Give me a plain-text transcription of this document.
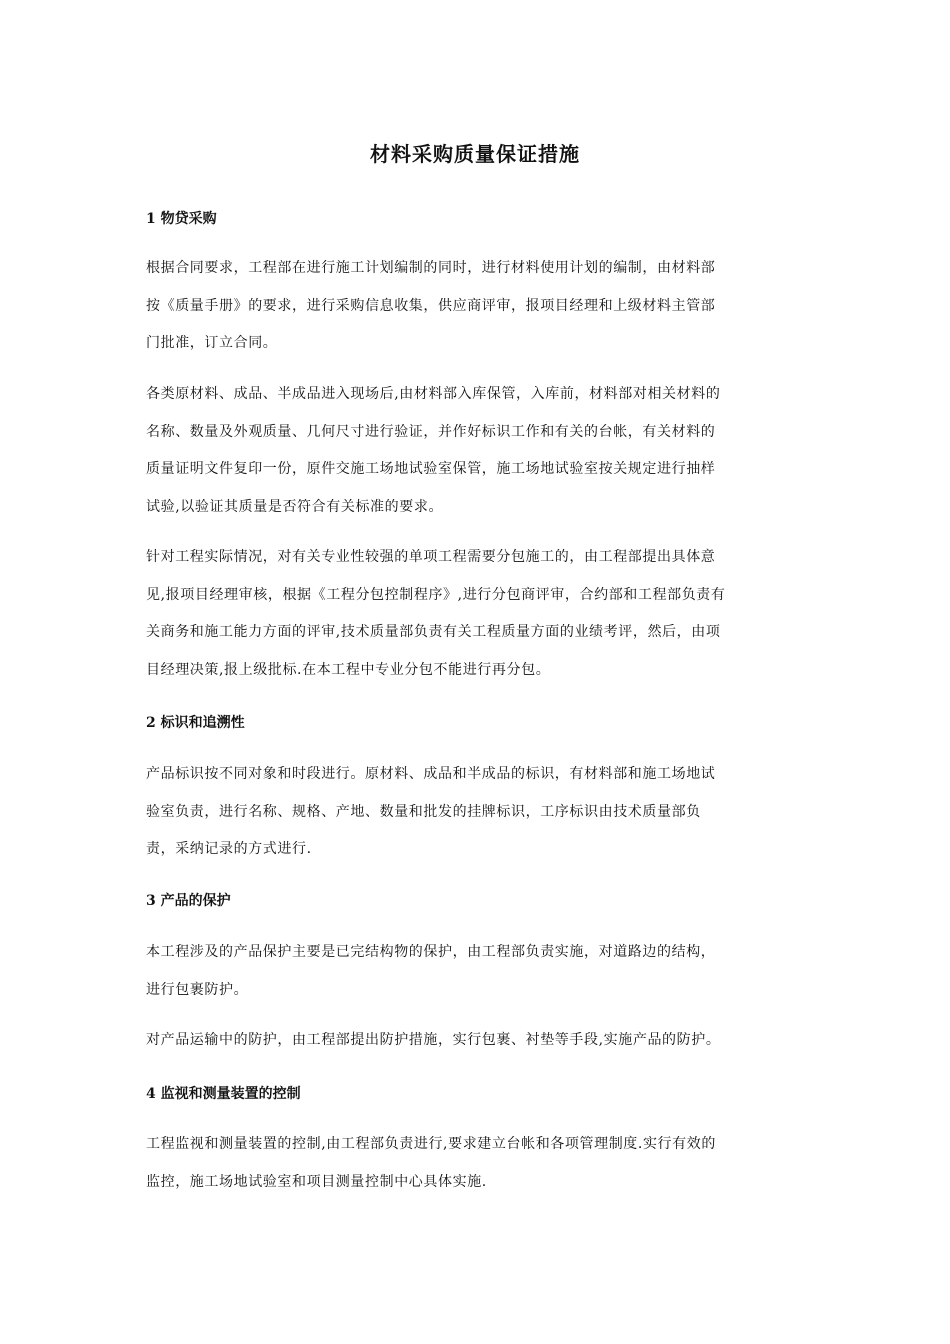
材料采购质量保证措施
1 物贷采购

根据合同要求，工程部在进行施工计划编制的同时，进行材料使用计划的编制，由材料部
按《质量手册》的要求，进行采购信息收集，供应商评审，报项目经理和上级材料主管部
门批准，订立合同。

各类原材料、成品、半成品进入现场后,由材料部入库保管，入库前，材料部对相关材料的
名称、数量及外观质量、几何尺寸进行验证，并作好标识工作和有关的台帐，有关材料的
质量证明文件复印一份，原件交施工场地试验室保管，施工场地试验室按关规定进行抽样
试验,以验证其质量是否符合有关标准的要求。

针对工程实际情况，对有关专业性较强的单项工程需要分包施工的，由工程部提出具体意
见,报项目经理审核，根据《工程分包控制程序》,进行分包商评审，合约部和工程部负责有
关商务和施工能力方面的评审,技术质量部负责有关工程质量方面的业绩考评，然后，由项
目经理决策,报上级批标.在本工程中专业分包不能进行再分包。

2 标识和追溯性

产品标识按不同对象和时段进行。原材料、成品和半成品的标识，有材料部和施工场地试
验室负责，进行名称、规格、产地、数量和批发的挂牌标识，工序标识由技术质量部负
责，采纳记录的方式进行.

3 产品的保护

本工程涉及的产品保护主要是已完结构物的保护，由工程部负责实施，对道路边的结构，
进行包裹防护。

对产品运输中的防护，由工程部提出防护措施，实行包裹、衬垫等手段,实施产品的防护。

4 监视和测量装置的控制

工程监视和测量装置的控制,由工程部负责进行,要求建立台帐和各项管理制度.实行有效的
监控，施工场地试验室和项目测量控制中心具体实施.
